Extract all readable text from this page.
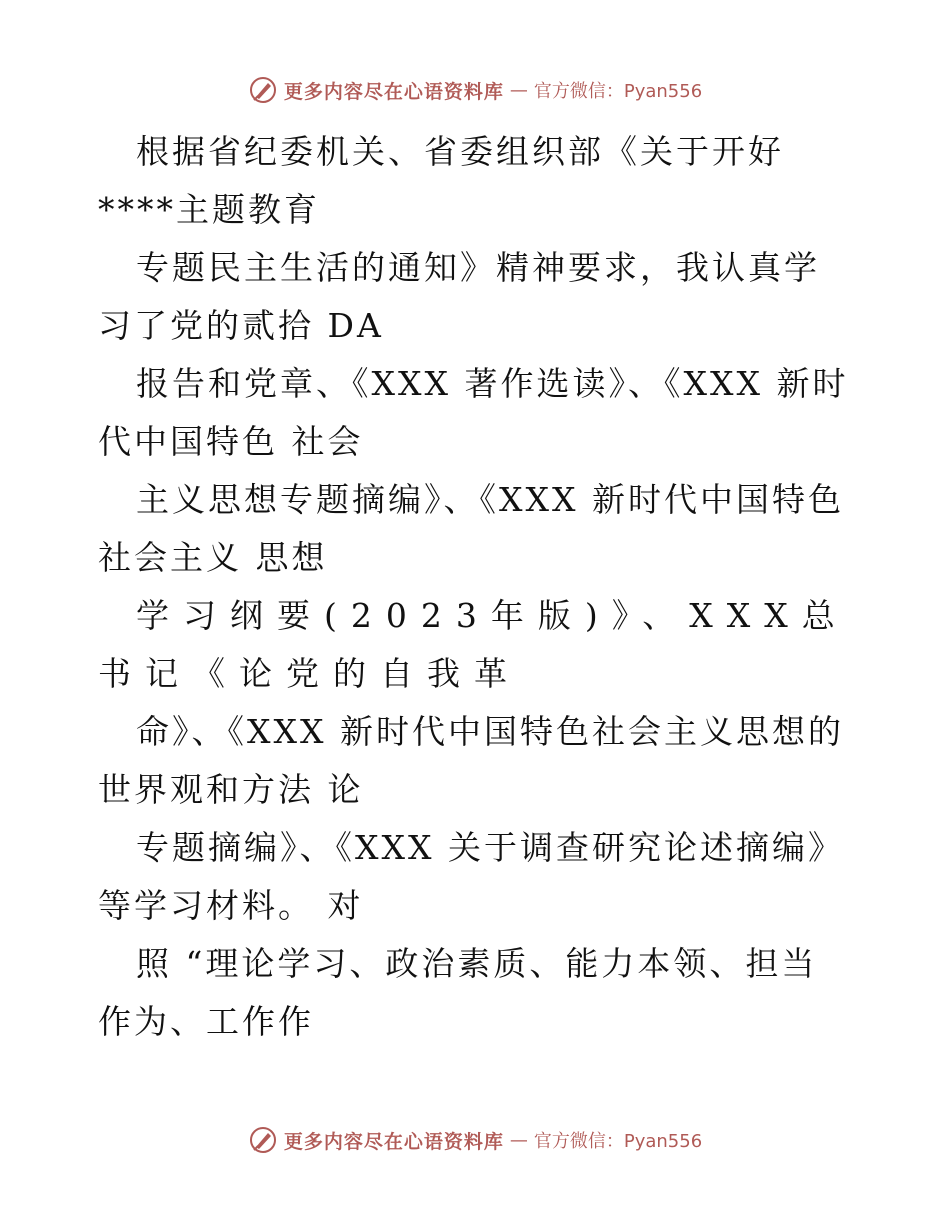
更多内容尽在心语资料库 — 官方微信：Pyan556
根据省纪委机关、省委组织部《关于开好****主题教育
专题民主生活的通知》精神要求，我认真学习了党的贰拾 DA
报告和党章、《XXX 著作选读》、《XXX 新时代中国特色 社会
主义思想专题摘编》、《XXX 新时代中国特色社会主义 思想
学习纲要(2023年版)》、XXX总书记《论党的自我革
命》、《XXX 新时代中国特色社会主义思想的世界观和方法 论
专题摘编》、《XXX 关于调查研究论述摘编》等学习材料。 对
照 “理论学习、政治素质、能力本领、担当作为、工作作
更多内容尽在心语资料库 — 官方微信：Pyan556
